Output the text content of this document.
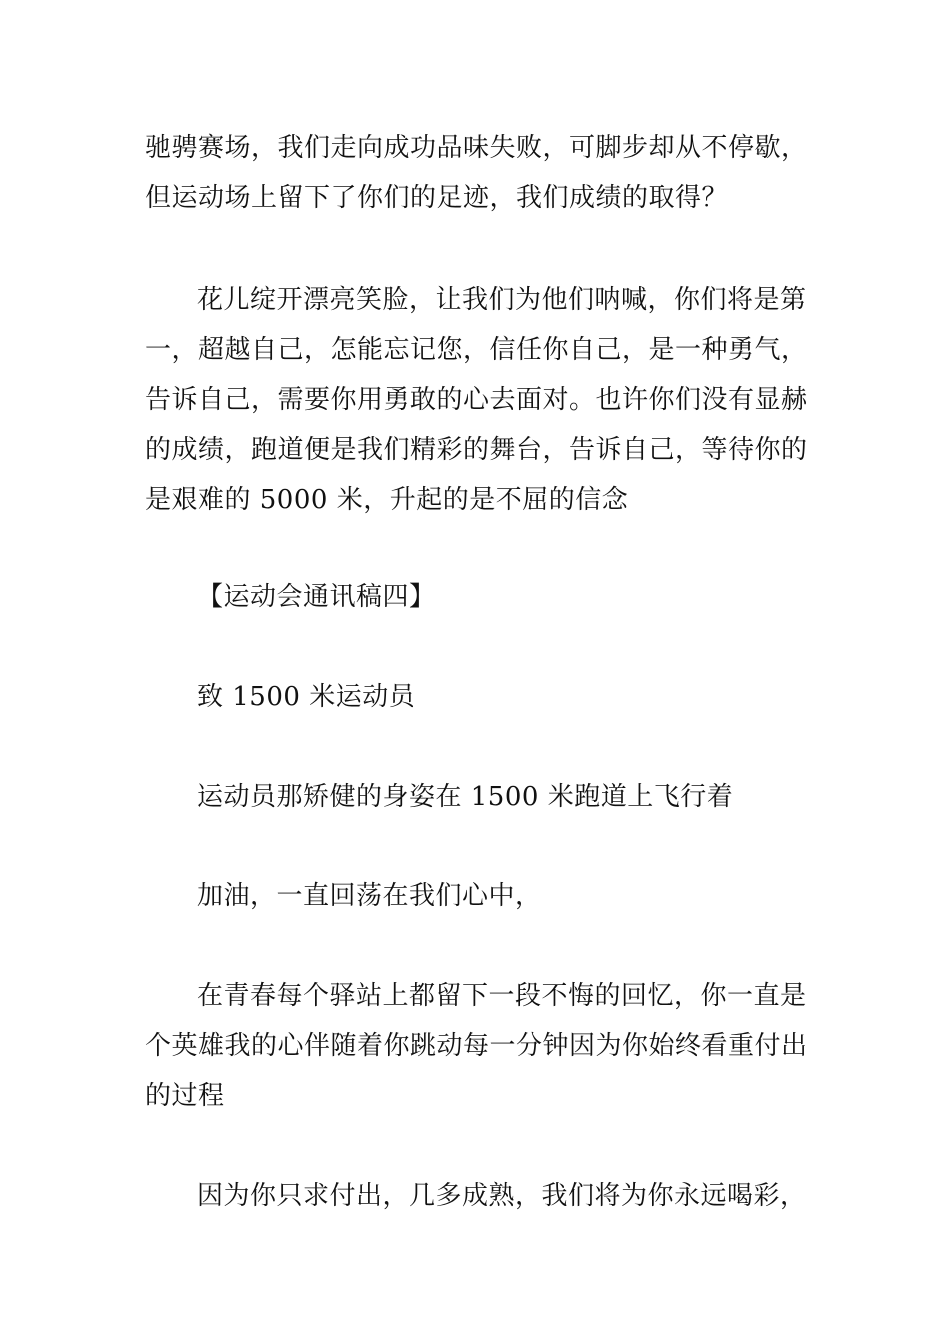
驰骋赛场，我们走向成功品味失败，可脚步却从不停歇，
但运动场上留下了你们的足迹，我们成绩的取得？

花儿绽开漂亮笑脸，让我们为他们呐喊，你们将是第
一，超越自己，怎能忘记您，信任你自己，是一种勇气，
告诉自己，需要你用勇敢的心去面对。也许你们没有显赫
的成绩，跑道便是我们精彩的舞台，告诉自己，等待你的
是艰难的 5000 米，升起的是不屈的信念

【运动会通讯稿四】

致 1500 米运动员

运动员那矫健的身姿在 1500 米跑道上飞行着

加油，一直回荡在我们心中，

在青春每个驿站上都留下一段不悔的回忆，你一直是
个英雄我的心伴随着你跳动每一分钟因为你始终看重付出
的过程

因为你只求付出，几多成熟，我们将为你永远喝彩，
